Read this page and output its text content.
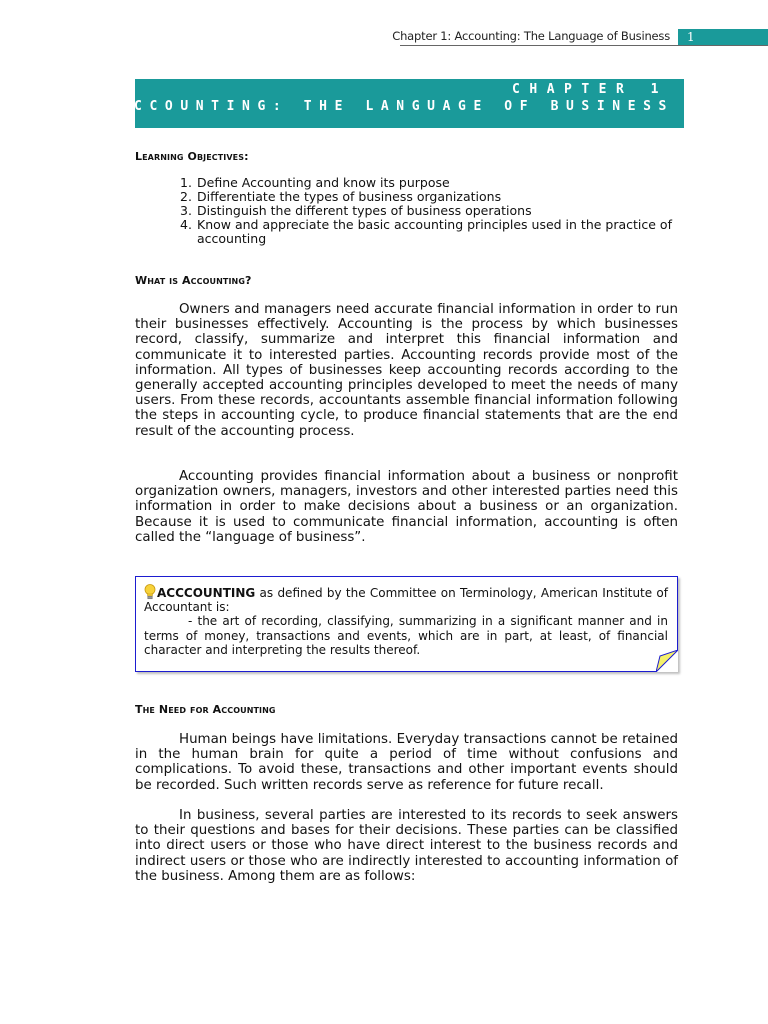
Chapter 1: Accounting: The Language of Business	1
CHAPTER 1
ACCOUNTING: THE LANGUAGE OF BUSINESS
Learning Objectives:
1. Define Accounting and know its purpose
2. Differentiate the types of business organizations
3. Distinguish the different types of business operations
4. Know and appreciate the basic accounting principles used in the practice of accounting
What is Accounting?

Owners and managers need accurate financial information in order to run their businesses effectively. Accounting is the process by which businesses record, classify, summarize and interpret this financial information and communicate it to interested parties. Accounting records provide most of the information. All types of businesses keep accounting records according to the generally accepted accounting principles developed to meet the needs of many users. From these records, accountants assemble financial information following the steps in accounting cycle, to produce financial statements that are the end result of the accounting process.

Accounting provides financial information about a business or nonprofit organization owners, managers, investors and other interested parties need this information in order to make decisions about a business or an organization. Because it is used to communicate financial information, accounting is often called the “language of business”.

ACCCOUNTING as defined by the Committee on Terminology, American Institute of Accountant is:
- the art of recording, classifying, summarizing in a significant manner and in terms of money, transactions and events, which are in part, at least, of financial character and interpreting the results thereof.
The Need for Accounting

Human beings have limitations. Everyday transactions cannot be retained in the human brain for quite a period of time without confusions and complications. To avoid these, transactions and other important events should be recorded. Such written records serve as reference for future recall.

In business, several parties are interested to its records to seek answers to their questions and bases for their decisions. These parties can be classified into direct users or those who have direct interest to the business records and indirect users or those who are indirectly interested to accounting information of the business. Among them are as follows:
